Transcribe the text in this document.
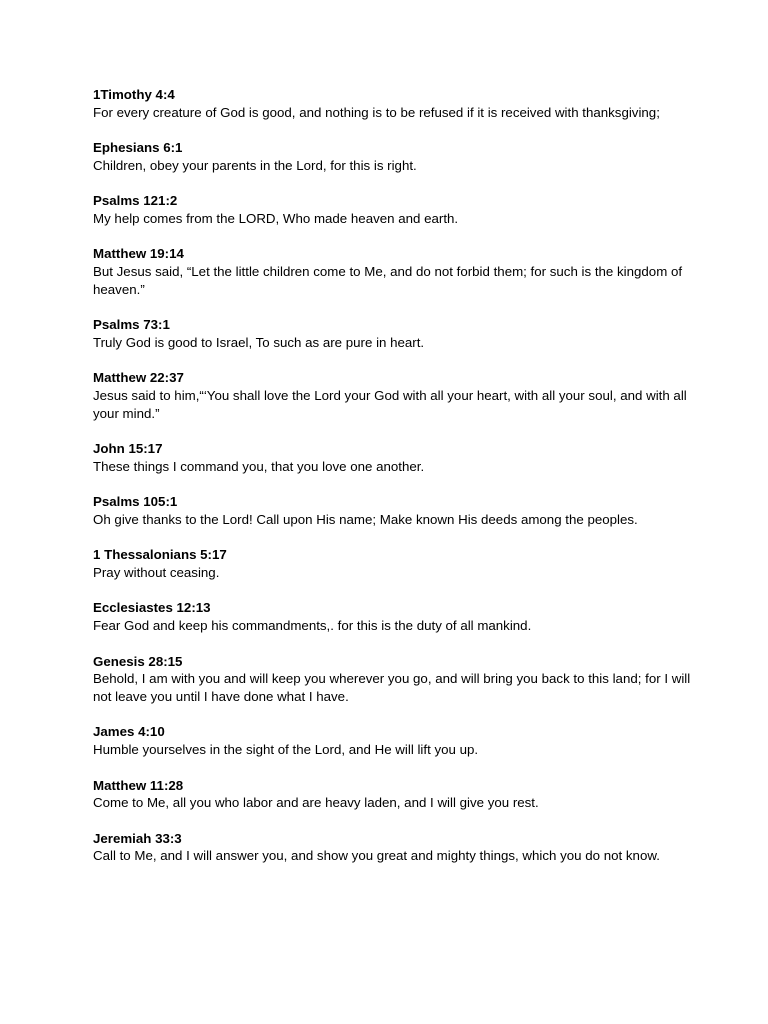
1Timothy 4:4
For every creature of God is good, and nothing is to be refused if it is received with thanksgiving;
Ephesians 6:1
Children, obey your parents in the Lord, for this is right.
Psalms 121:2
My help comes from the LORD, Who made heaven and earth.
Matthew 19:14
But Jesus said, “Let the little children come to Me, and do not forbid them; for such is the kingdom of heaven.”
Psalms 73:1
Truly God is good to Israel, To such as are pure in heart.
Matthew 22:37
Jesus said to him,“‘You shall love the Lord your God with all your heart, with all your soul, and with all your mind.”
John 15:17
These things I command you, that you love one another.
Psalms 105:1
Oh give thanks to the Lord! Call upon His name; Make known His deeds among the peoples.
1 Thessalonians 5:17
Pray without ceasing.
Ecclesiastes 12:13
Fear God and keep his commandments,. for this is the duty of all mankind.
Genesis 28:15
Behold, I am with you and will keep you wherever you go, and will bring you back to this land; for I will not leave you until I have done what I have.
James 4:10
Humble yourselves in the sight of the Lord, and He will lift you up.
Matthew 11:28
Come to Me, all you who labor and are heavy laden, and I will give you rest.
Jeremiah 33:3
Call to Me, and I will answer you, and show you great and mighty things, which you do not know.
